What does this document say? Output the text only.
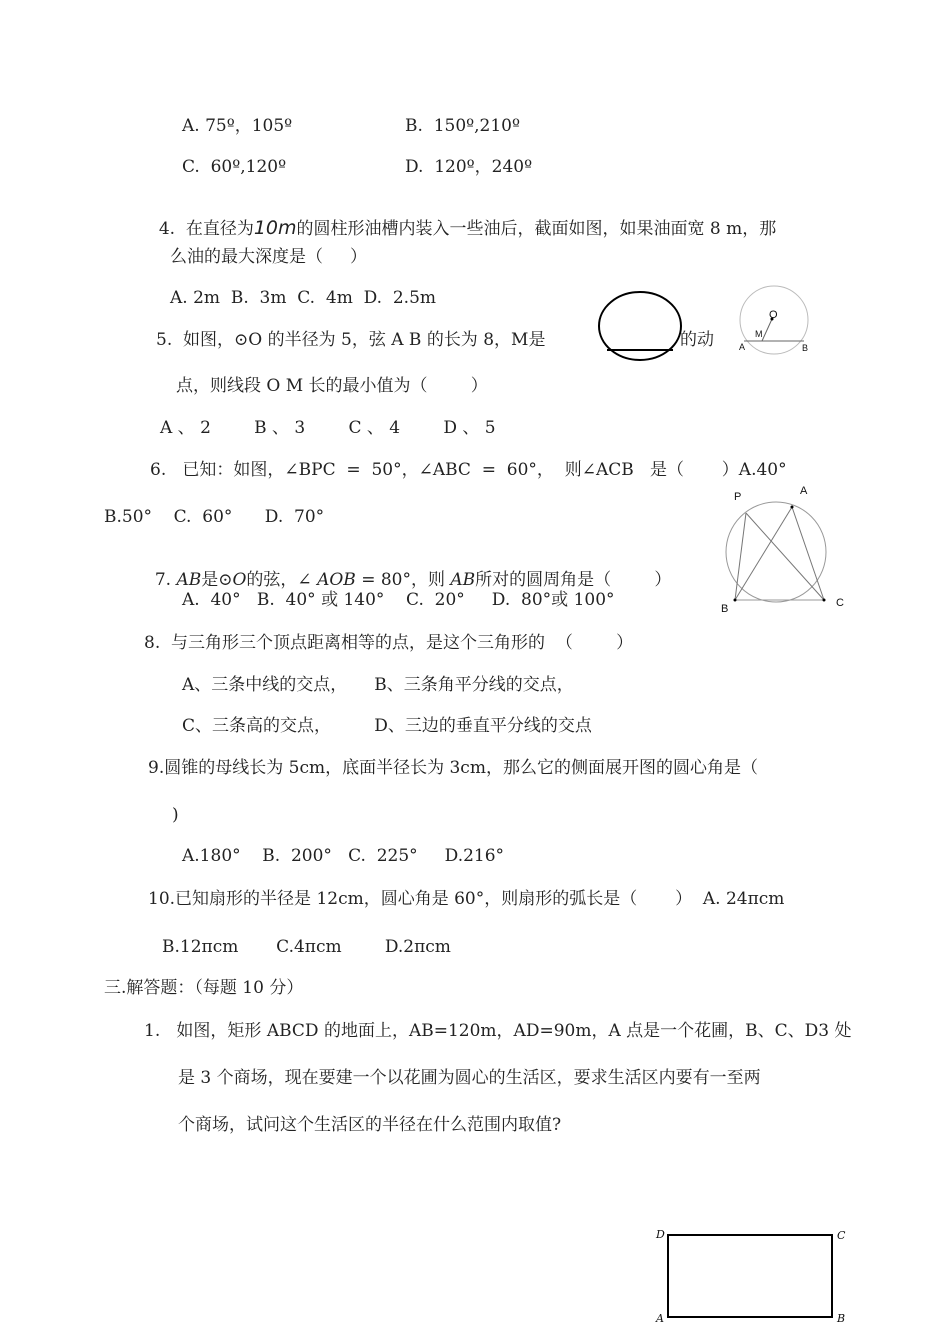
A. 75º，105º	B.  150º,210º
C.  60º,120º	D.  120º，240º

4.  在直径为10m的圆柱形油槽内装入一些油后，截面如图，如果油面宽 8 m，那

么油的最大深度是（     ）
A. 2m  B.  3m  C.  4m  D.  2.5m
5.  如图，⊙O 的半径为 5，弦 A B 的长为 8，M是	的动
点，则线段 O M 长的最小值为（        ）
A 、 2        B 、 3        C 、 4        D 、 5
O
M
A	B
6.   已知：如图，∠BPC  =  50°，∠ABC  =  60°，  则∠ACB   是（       ）A.40°
B.50°    C.  60°      D.  70°
P	A
B	C

7. AB是⊙O的弦，∠ AOB = 80°，则 AB所对的圆周角是（        ）

A.  40°   B.  40° 或 140°    C.  20°     D.  80°或 100°
8.  与三角形三个顶点距离相等的点，是这个三角形的  （        ）
A、三条中线的交点，     B、三条角平分线的交点，
C、三条高的交点，        D、三边的垂直平分线的交点
9.圆锥的母线长为 5cm，底面半径长为 3cm，那么它的侧面展开图的圆心角是（
)
A.180°    B.  200°   C.  225°     D.216°
10.已知扇形的半径是 12cm，圆心角是 60°，则扇形的弧长是（       ）  A. 24πcm
B.12πcm       C.4πcm        D.2πcm
三.解答题：（每题 10 分）
1.   如图，矩形 ABCD 的地面上，AB=120m，AD=90m，A 点是一个花圃，B、C、D3 处
是 3 个商场，现在要建一个以花圃为圆心的生活区，要求生活区内要有一至两
个商场，试问这个生活区的半径在什么范围内取值?
D	C
A	B
